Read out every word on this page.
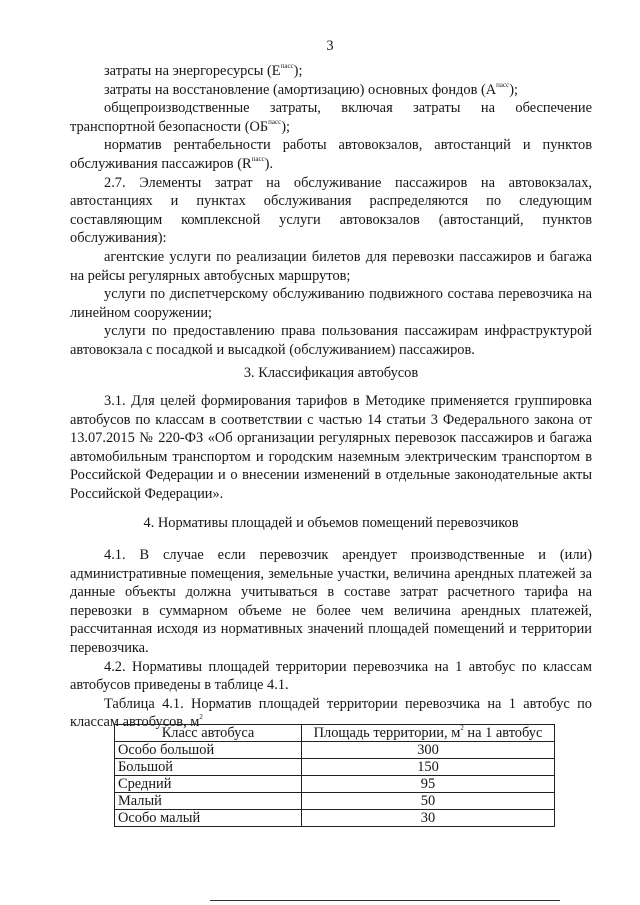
3

затраты на энергоресурсы $(E^{пасс})$;

затраты на восстановление (амортизацию) основных фондов $(A^{пасс})$;

общепроизводственные затраты, включая затраты на обеспечение транспортной безопасности $(ОБ^{пасс})$;

норматив рентабельности работы автовокзалов, автостанций и пунктов обслуживания пассажиров $(R^{пасс})$.

2.7. Элементы затрат на обслуживание пассажиров на автовокзалах, автостанциях и пунктах обслуживания распределяются по следующим составляющим комплексной услуги автовокзалов (автостанций, пунктов обслуживания):

агентские услуги по реализации билетов для перевозки пассажиров и багажа на рейсы регулярных автобусных маршрутов;

услуги по диспетчерскому обслуживанию подвижного состава перевозчика на линейном сооружении;

услуги по предоставлению права пользования пассажирам инфраструктурой автовокзала с посадкой и высадкой (обслуживанием) пассажиров.

3. Классификация автобусов

3.1. Для целей формирования тарифов в Методике применяется группировка автобусов по классам в соответствии с частью 14 статьи 3 Федерального закона от 13.07.2015 № 220-ФЗ «Об организации регулярных перевозок пассажиров и багажа автомобильным транспортом и городским наземным электрическим транспортом в Российской Федерации и о внесении изменений в отдельные законодательные акты Российской Федерации».

4. Нормативы площадей и объемов помещений перевозчиков

4.1. В случае если перевозчик арендует производственные и (или) административные помещения, земельные участки, величина арендных платежей за данные объекты должна учитываться в составе затрат расчетного тарифа на перевозки в суммарном объеме не более чем величина арендных платежей, рассчитанная исходя из нормативных значений площадей помещений и территории перевозчика.

4.2. Нормативы площадей территории перевозчика на 1 автобус по классам автобусов приведены в таблице 4.1.

Таблица 4.1. Норматив площадей территории перевозчика на 1 автобус по классам автобусов, $м^2$

Класс автобуса	Площадь территории, $м^2$ на 1 автобус
Особо большой	300
Большой	150
Средний	95
Малый	50
Особо малый	30
